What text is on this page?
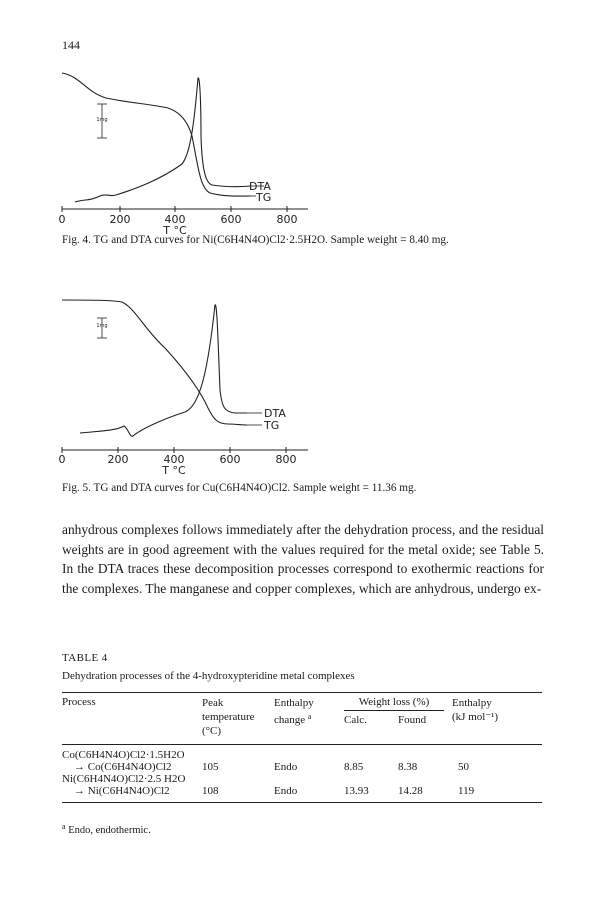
144
0	200	400	600	800
T °C
1mg
DTA
TG
Fig. 4. TG and DTA curves for Ni(C6H4N4O)Cl2·2.5H2O. Sample weight = 8.40 mg.
0	200	400	600	800
T °C
1mg
DTA
TG
Fig. 5. TG and DTA curves for Cu(C6H4N4O)Cl2. Sample weight = 11.36 mg.

anhydrous complexes follows immediately after the dehydration process, and the residual weights are in good agreement with the values required for the metal oxide; see Table 5. In the DTA traces these decomposition processes correspond to exothermic reactions for the complexes. The manganese and copper complexes, which are anhydrous, undergo ex-

TABLE 4
Dehydration processes of the 4-hydroxypteridine metal complexes
Process	Peak temperature (°C)	Enthalpy change $^a$	Weight loss (%)		Enthalpy
(kJ mol⁻¹)

			Calc.	Found	
Co(C6H4N4O)Cl2·1.5H2O					
→ Co(C6H4N4O)Cl2	105	Endo	8.85	8.38	50
Ni(C6H4N4O)Cl2·2.5 H2O					
→ Ni(C6H4N4O)Cl2	108	Endo	13.93	14.28	119
$^a$ Endo, endothermic.
